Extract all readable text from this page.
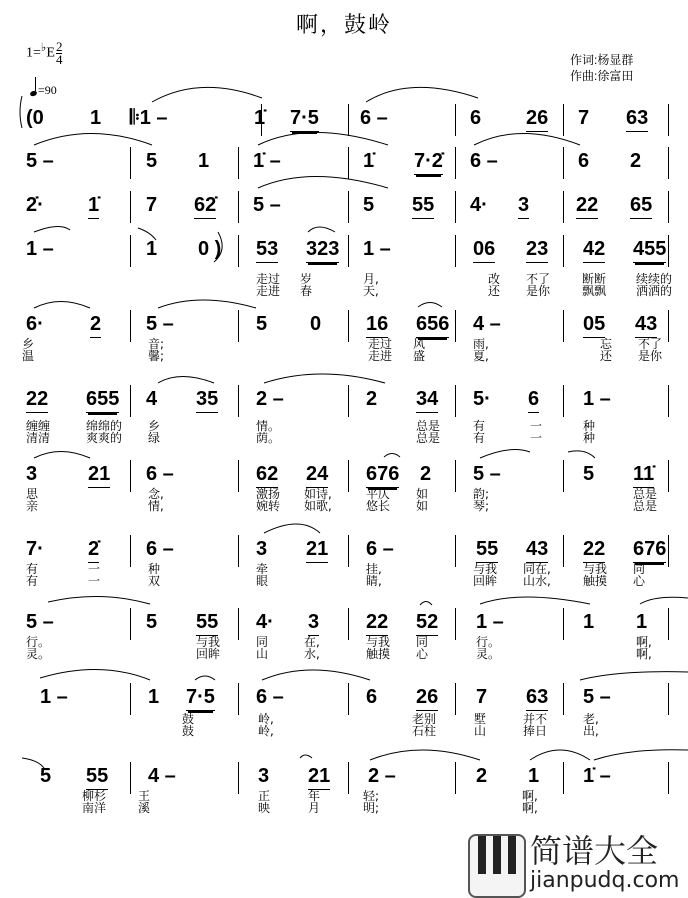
啊，鼓岭
$1=^♭E \frac{2}{4}$
=90
作词:杨显群
作曲:徐富田
(0 1 𝄆1 –	1̇ 7·5 6 –	6 26 7 63
5 –	5 1 1̇ –	1̇ 7·2̇ 6 –	6 2
2̇· 1̇ 7 62̇ 5 –	5 55 4· 3 22 65
1 –	1 0 ) 53 323 1 –	06 23 42 455
走过 岁	月,	改 不了	断断 续续的
走进 春	天,	还 是你	飘飘 洒洒的
6· 2 5 –	5 0 16 656 4 –	05 43
乡	音;	走过 风	雨,	忘 不了
温	馨;	走进 盛	夏,	还 是你
22 655 4 35 2 –	2 34 5· 6 1 –
缠缠	绵绵的 乡	情。	总是	有	一	种
清清	爽爽的 绿	荫。	总是	有	一	种
3	21 6 –	62 24 676 2 5 –	5 11̇
思	念,	激扬 如诗,	平仄 如	韵;	总是
亲	情,	婉转 如歌,	悠长 如	琴;	总是
7· 2̇ 6 –	3 21 6 –	55 43 22 676
有	一	种	牵	挂,	与我 同在,	与我 同
有	一	双	眼	睛,	回眸 山水,	触摸 心
5 –	5 55 4· 3 22 52 1 –	1 1
行。	与我	同	在,	与我 同	行。	啊,
灵。	回眸	山	水,	触摸 心	灵。	啊,
1 –	1 7·5 6 –	6 26 7 63 5 –
鼓	岭,	老别	墅	并不	老,
鼓	岭,	石柱	山	捧日	出,
5 55 4 –	3 21 2 –	2 1 1̇ –
柳杉	王	正	年	轻;	啊,
南洋	溪	映	月	明;	啊,
简谱大全
jianpudq.com
